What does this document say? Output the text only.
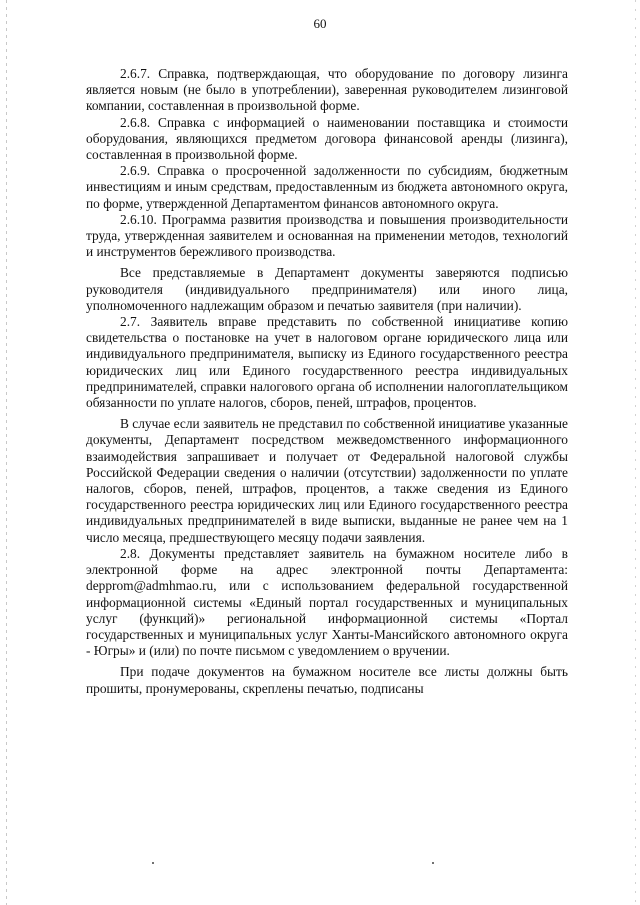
60

2.6.7. Справка, подтверждающая, что оборудование по договору лизинга является новым (не было в употреблении), заверенная руководителем лизинговой компании, составленная в произвольной форме.

2.6.8. Справка с информацией о наименовании поставщика и стоимости оборудования, являющихся предметом договора финансовой аренды (лизинга), составленная в произвольной форме.

2.6.9. Справка о просроченной задолженности по субсидиям, бюджетным инвестициям и иным средствам, предоставленным из бюджета автономного округа, по форме, утвержденной Департаментом финансов автономного округа.

2.6.10. Программа развития производства и повышения производительности труда, утвержденная заявителем и основанная на применении методов, технологий и инструментов бережливого производства.

Все представляемые в Департамент документы заверяются подписью руководителя (индивидуального предпринимателя) или иного лица, уполномоченного надлежащим образом и печатью заявителя (при наличии).

2.7. Заявитель вправе представить по собственной инициативе копию свидетельства о постановке на учет в налоговом органе юридического лица или индивидуального предпринимателя, выписку из Единого государственного реестра юридических лиц или Единого государственного реестра индивидуальных предпринимателей, справки налогового органа об исполнении налогоплательщиком обязанности по уплате налогов, сборов, пеней, штрафов, процентов.

В случае если заявитель не представил по собственной инициативе указанные документы, Департамент посредством межведомственного информационного взаимодействия запрашивает и получает от Федеральной налоговой службы Российской Федерации сведения о наличии (отсутствии) задолженности по уплате налогов, сборов, пеней, штрафов, процентов, а также сведения из Единого государственного реестра юридических лиц или Единого государственного реестра индивидуальных предпринимателей в виде выписки, выданные не ранее чем на 1 число месяца, предшествующего месяцу подачи заявления.

2.8. Документы представляет заявитель на бумажном носителе либо в электронной форме на адрес электронной почты Департамента: depprom@admhmao.ru, или с использованием федеральной государственной информационной системы «Единый портал государственных и муниципальных услуг (функций)» региональной информационной системы «Портал государственных и муниципальных услуг Ханты-Мансийского автономного округа - Югры» и (или) по почте письмом с уведомлением о вручении.

При подаче документов на бумажном носителе все листы должны быть прошиты, пронумерованы, скреплены печатью, подписаны
